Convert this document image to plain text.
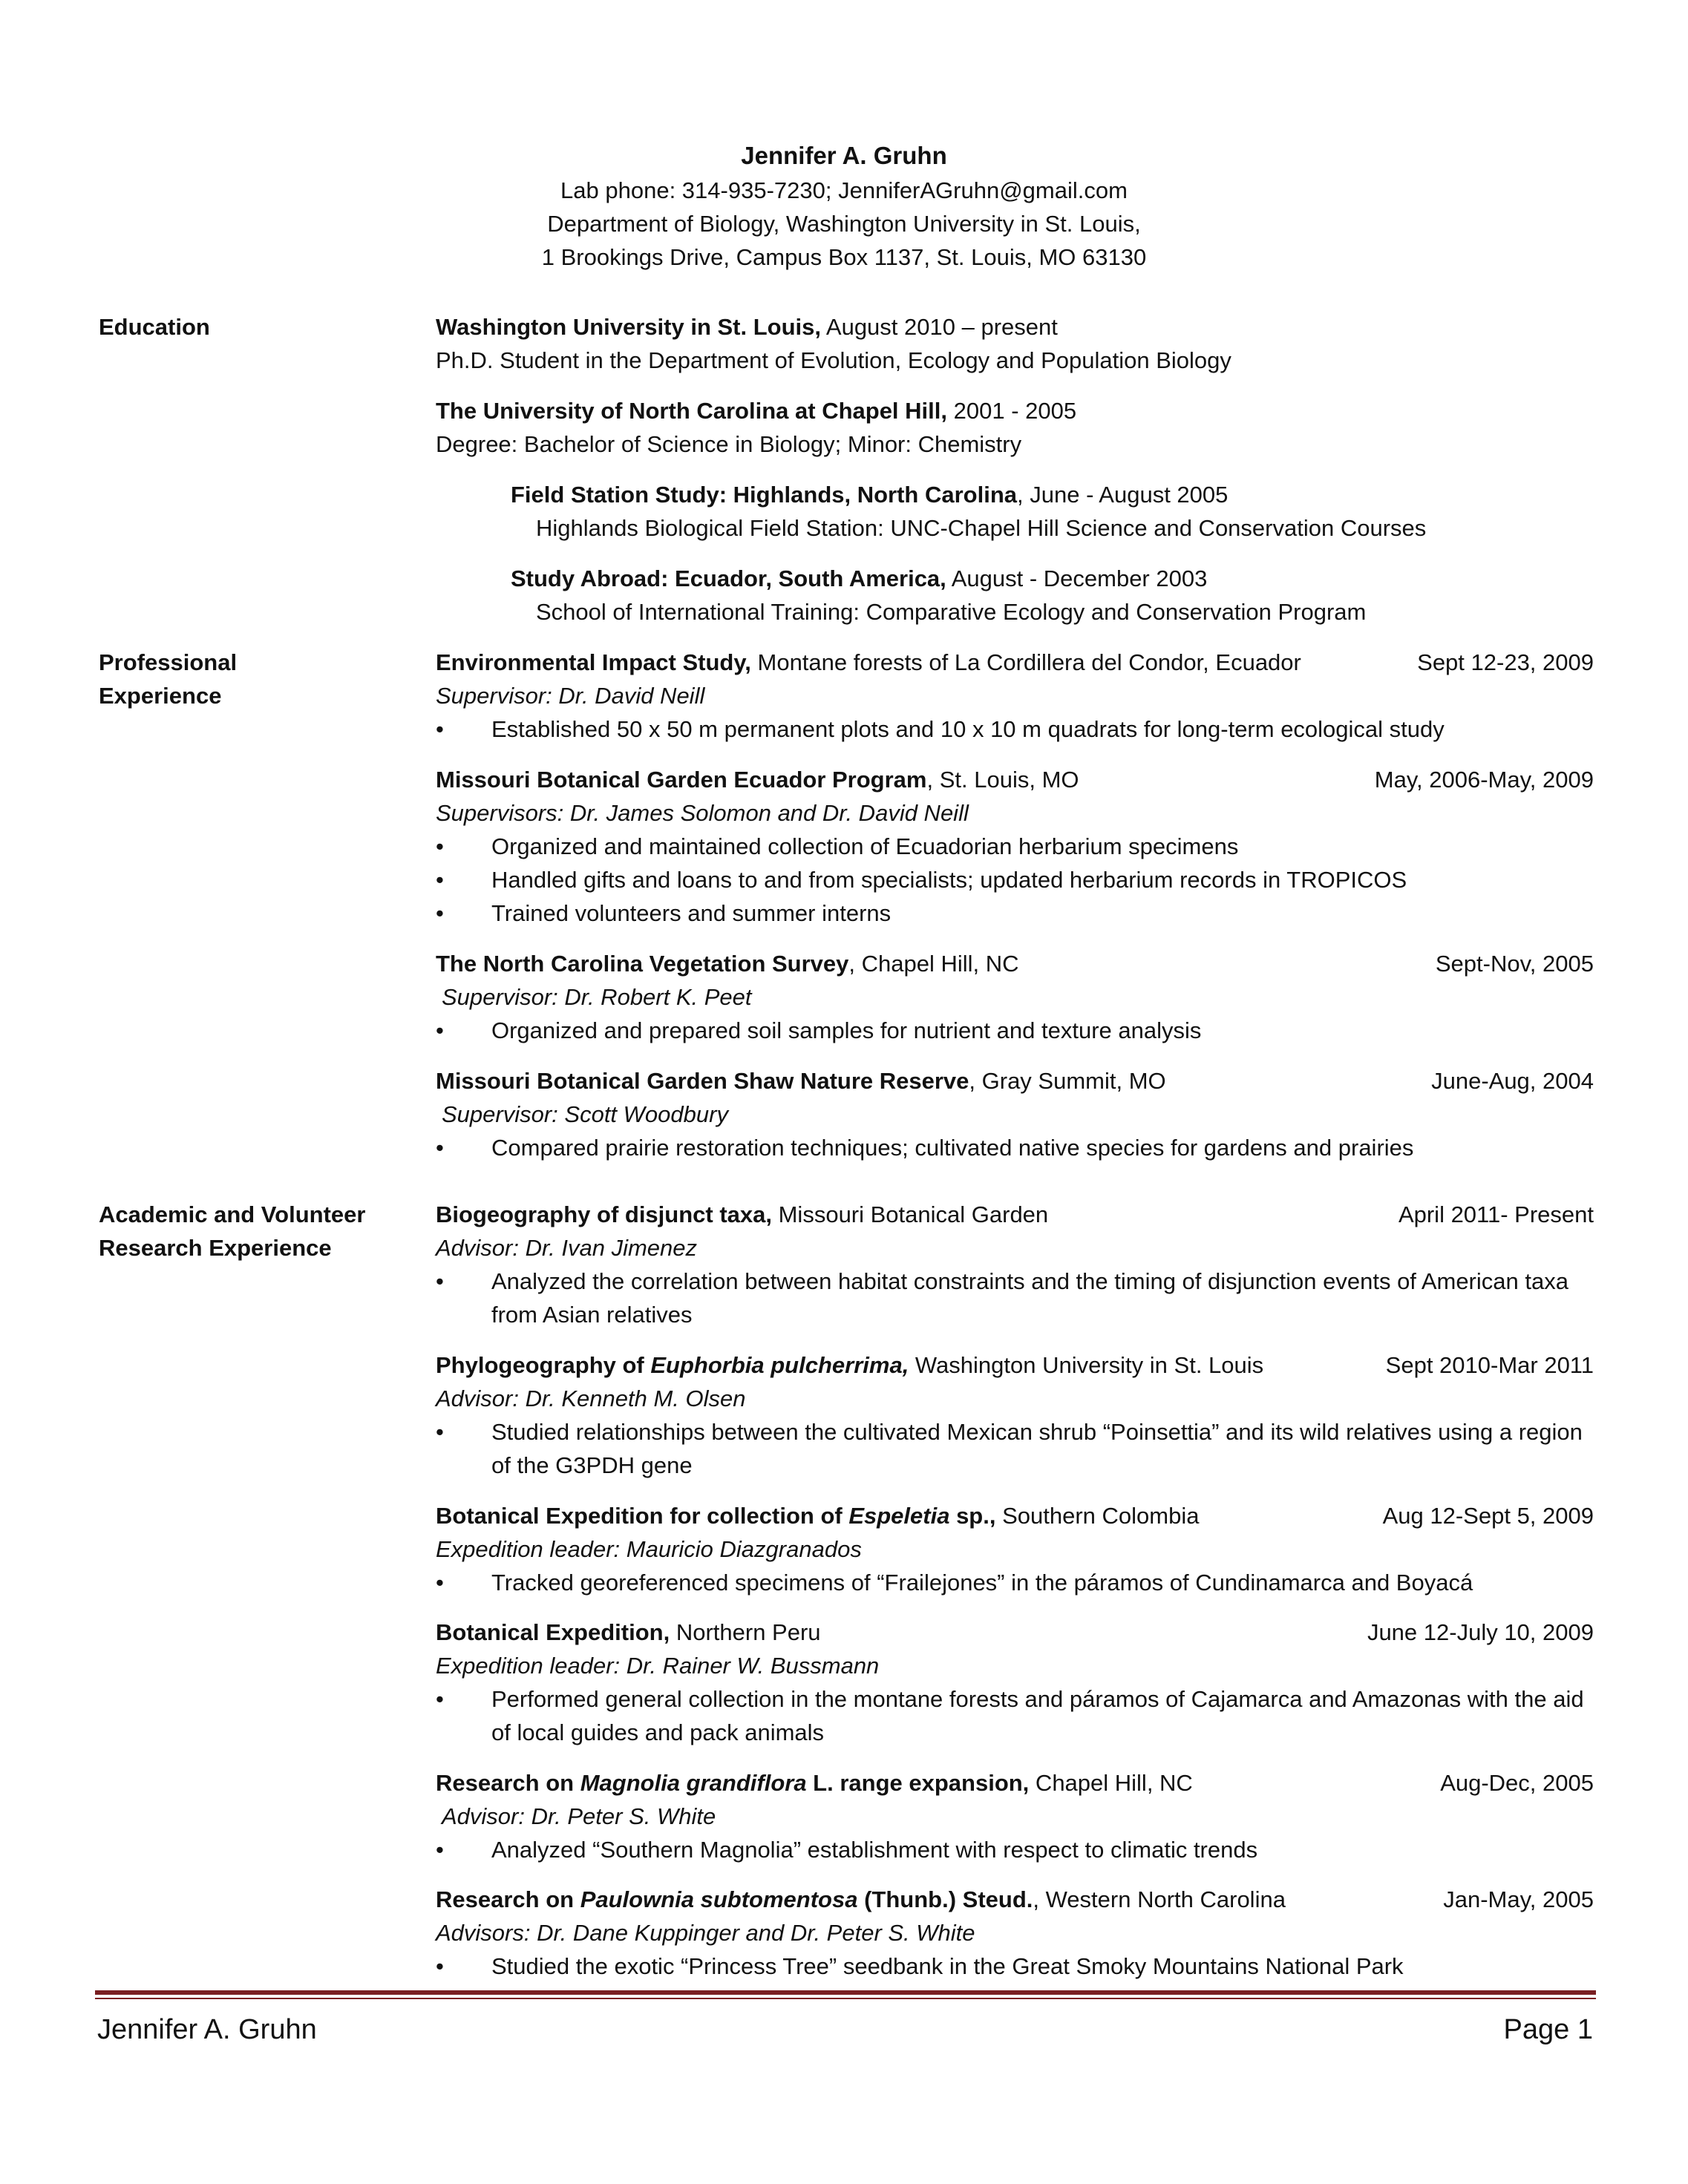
Jennifer A. Gruhn
Lab phone: 314-935-7230; JenniferAGruhn@gmail.com
Department of Biology, Washington University in St. Louis,
1 Brookings Drive, Campus Box 1137, St. Louis, MO 63130
Education	Washington University in St. Louis, August 2010 – present
Ph.D. Student in the Department of Evolution, Ecology and Population Biology
The University of North Carolina at Chapel Hill, 2001 - 2005
Degree: Bachelor of Science in Biology; Minor: Chemistry
Field Station Study: Highlands, North Carolina, June - August 2005
Highlands Biological Field Station: UNC-Chapel Hill Science and Conservation Courses
Study Abroad: Ecuador, South America, August - December 2003
School of International Training: Comparative Ecology and Conservation Program
Professional
Experience
Environmental Impact Study, Montane forests of La Cordillera del Condor, Ecuador	Sept 12-23, 2009
Supervisor: Dr. David Neill
• Established 50 x 50 m permanent plots and 10 x 10 m quadrats for long-term ecological study
Missouri Botanical Garden Ecuador Program, St. Louis, MO	May, 2006-May, 2009
Supervisors: Dr. James Solomon and Dr. David Neill
• Organized and maintained collection of Ecuadorian herbarium specimens
• Handled gifts and loans to and from specialists; updated herbarium records in TROPICOS
• Trained volunteers and summer interns
The North Carolina Vegetation Survey, Chapel Hill, NC	Sept-Nov, 2005
Supervisor: Dr. Robert K. Peet
• Organized and prepared soil samples for nutrient and texture analysis
Missouri Botanical Garden Shaw Nature Reserve, Gray Summit, MO	June-Aug, 2004
Supervisor: Scott Woodbury
• Compared prairie restoration techniques; cultivated native species for gardens and prairies
Academic and Volunteer
Research Experience
Biogeography of disjunct taxa, Missouri Botanical Garden	April 2011- Present
Advisor: Dr. Ivan Jimenez
• Analyzed the correlation between habitat constraints and the timing of disjunction events of American taxa from Asian relatives
Phylogeography of Euphorbia pulcherrima, Washington University in St. Louis	Sept 2010-Mar 2011
Advisor: Dr. Kenneth M. Olsen
• Studied relationships between the cultivated Mexican shrub “Poinsettia” and its wild relatives using a region of the G3PDH gene
Botanical Expedition for collection of Espeletia sp., Southern Colombia	Aug 12-Sept 5, 2009
Expedition leader: Mauricio Diazgranados
• Tracked georeferenced specimens of “Frailejones” in the páramos of Cundinamarca and Boyacá
Botanical Expedition, Northern Peru	June 12-July 10, 2009
Expedition leader: Dr. Rainer W. Bussmann
• Performed general collection in the montane forests and páramos of Cajamarca and Amazonas with the aid of local guides and pack animals
Research on Magnolia grandiflora L. range expansion, Chapel Hill, NC	Aug-Dec, 2005
Advisor: Dr. Peter S. White
• Analyzed “Southern Magnolia” establishment with respect to climatic trends
Research on Paulownia subtomentosa (Thunb.) Steud., Western North Carolina	Jan-May, 2005
Advisors: Dr. Dane Kuppinger and Dr. Peter S. White
• Studied the exotic “Princess Tree” seedbank in the Great Smoky Mountains National Park
Jennifer A. Gruhn	Page 1
